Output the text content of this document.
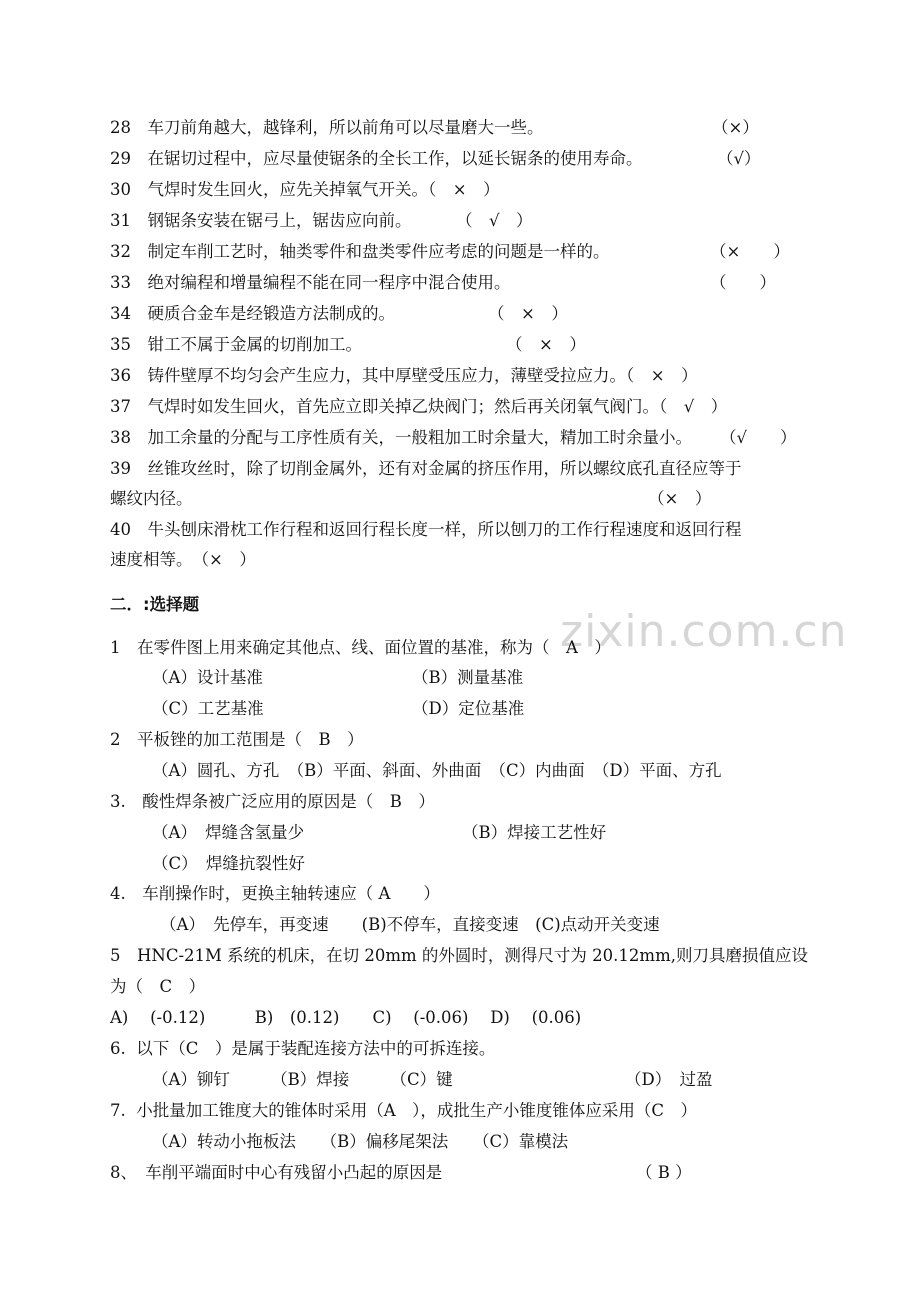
zixin.com.cn
28　车刀前角越大，越锋利，所以前角可以尽量磨大一些。	（×）
29　在锯切过程中，应尽量使锯条的全长工作，以延长锯条的使用寿命。	（√）
30　气焊时发生回火，应先关掉氧气开关。（　×　）
31　钢锯条安装在锯弓上，锯齿应向前。	（　√　）
32　制定车削工艺时，轴类零件和盘类零件应考虑的问题是一样的。	（×　　）
33　绝对编程和增量编程不能在同一程序中混合使用。	（　　）
34　硬质合金车是经锻造方法制成的。	（　×　）
35　钳工不属于金属的切削加工。	（　×　）
36　铸件壁厚不均匀会产生应力，其中厚壁受压应力，薄壁受拉应力。（　×　）
37　气焊时如发生回火，首先应立即关掉乙炔阀门；然后再关闭氧气阀门。（　√　）
38　加工余量的分配与工序性质有关，一般粗加工时余量大，精加工时余量小。 （√　　）
39　丝锥攻丝时，除了切削金属外，还有对金属的挤压作用，所以螺纹底孔直径应等于
螺纹内径。	（×　）
40　牛头刨床滑枕工作行程和返回行程长度一样，所以刨刀的工作行程速度和返回行程
速度相等。　（×　）
二．:选择题
1　在零件图上用来确定其他点、线、面位置的基准，称为（　A　）
（A）设计基准	（B）测量基准
（C）工艺基准	（D）定位基准
2　平板锉的加工范围是（　B　）
（A）圆孔、方孔　（B）平面、斜面、外曲面　（C）内曲面　（D）平面、方孔
3.　酸性焊条被广泛应用的原因是（　B　）
（A）　焊缝含氢量少	（B）焊接工艺性好
（C）　焊缝抗裂性好
4.　车削操作时，更换主轴转速应（ A　　）
（A）　先停车，再变速　　(B)不停车，直接变速　(C)点动开关变速
5　HNC-21M 系统的机床，在切 20mm 的外圆时，测得尺寸为 20.12mm,则刀具磨损值应设
为（　C　）
A)　 (-0.12)　　　B)　(0.12)　　C)　 (-0.06)　 D)　 (0.06)
6.  以下（C　）是属于装配连接方法中的可拆连接。
（A）铆钉　　　（B）焊接　　　（C）键	（D）　过盈
7.  小批量加工锥度大的锥体时采用（A　），成批生产小锥度锥体应采用（C　）
（A）转动小拖板法　　（B）偏移尾架法　　（C）靠模法
8、　车削平端面时中心有残留小凸起的原因是	（ B ）
